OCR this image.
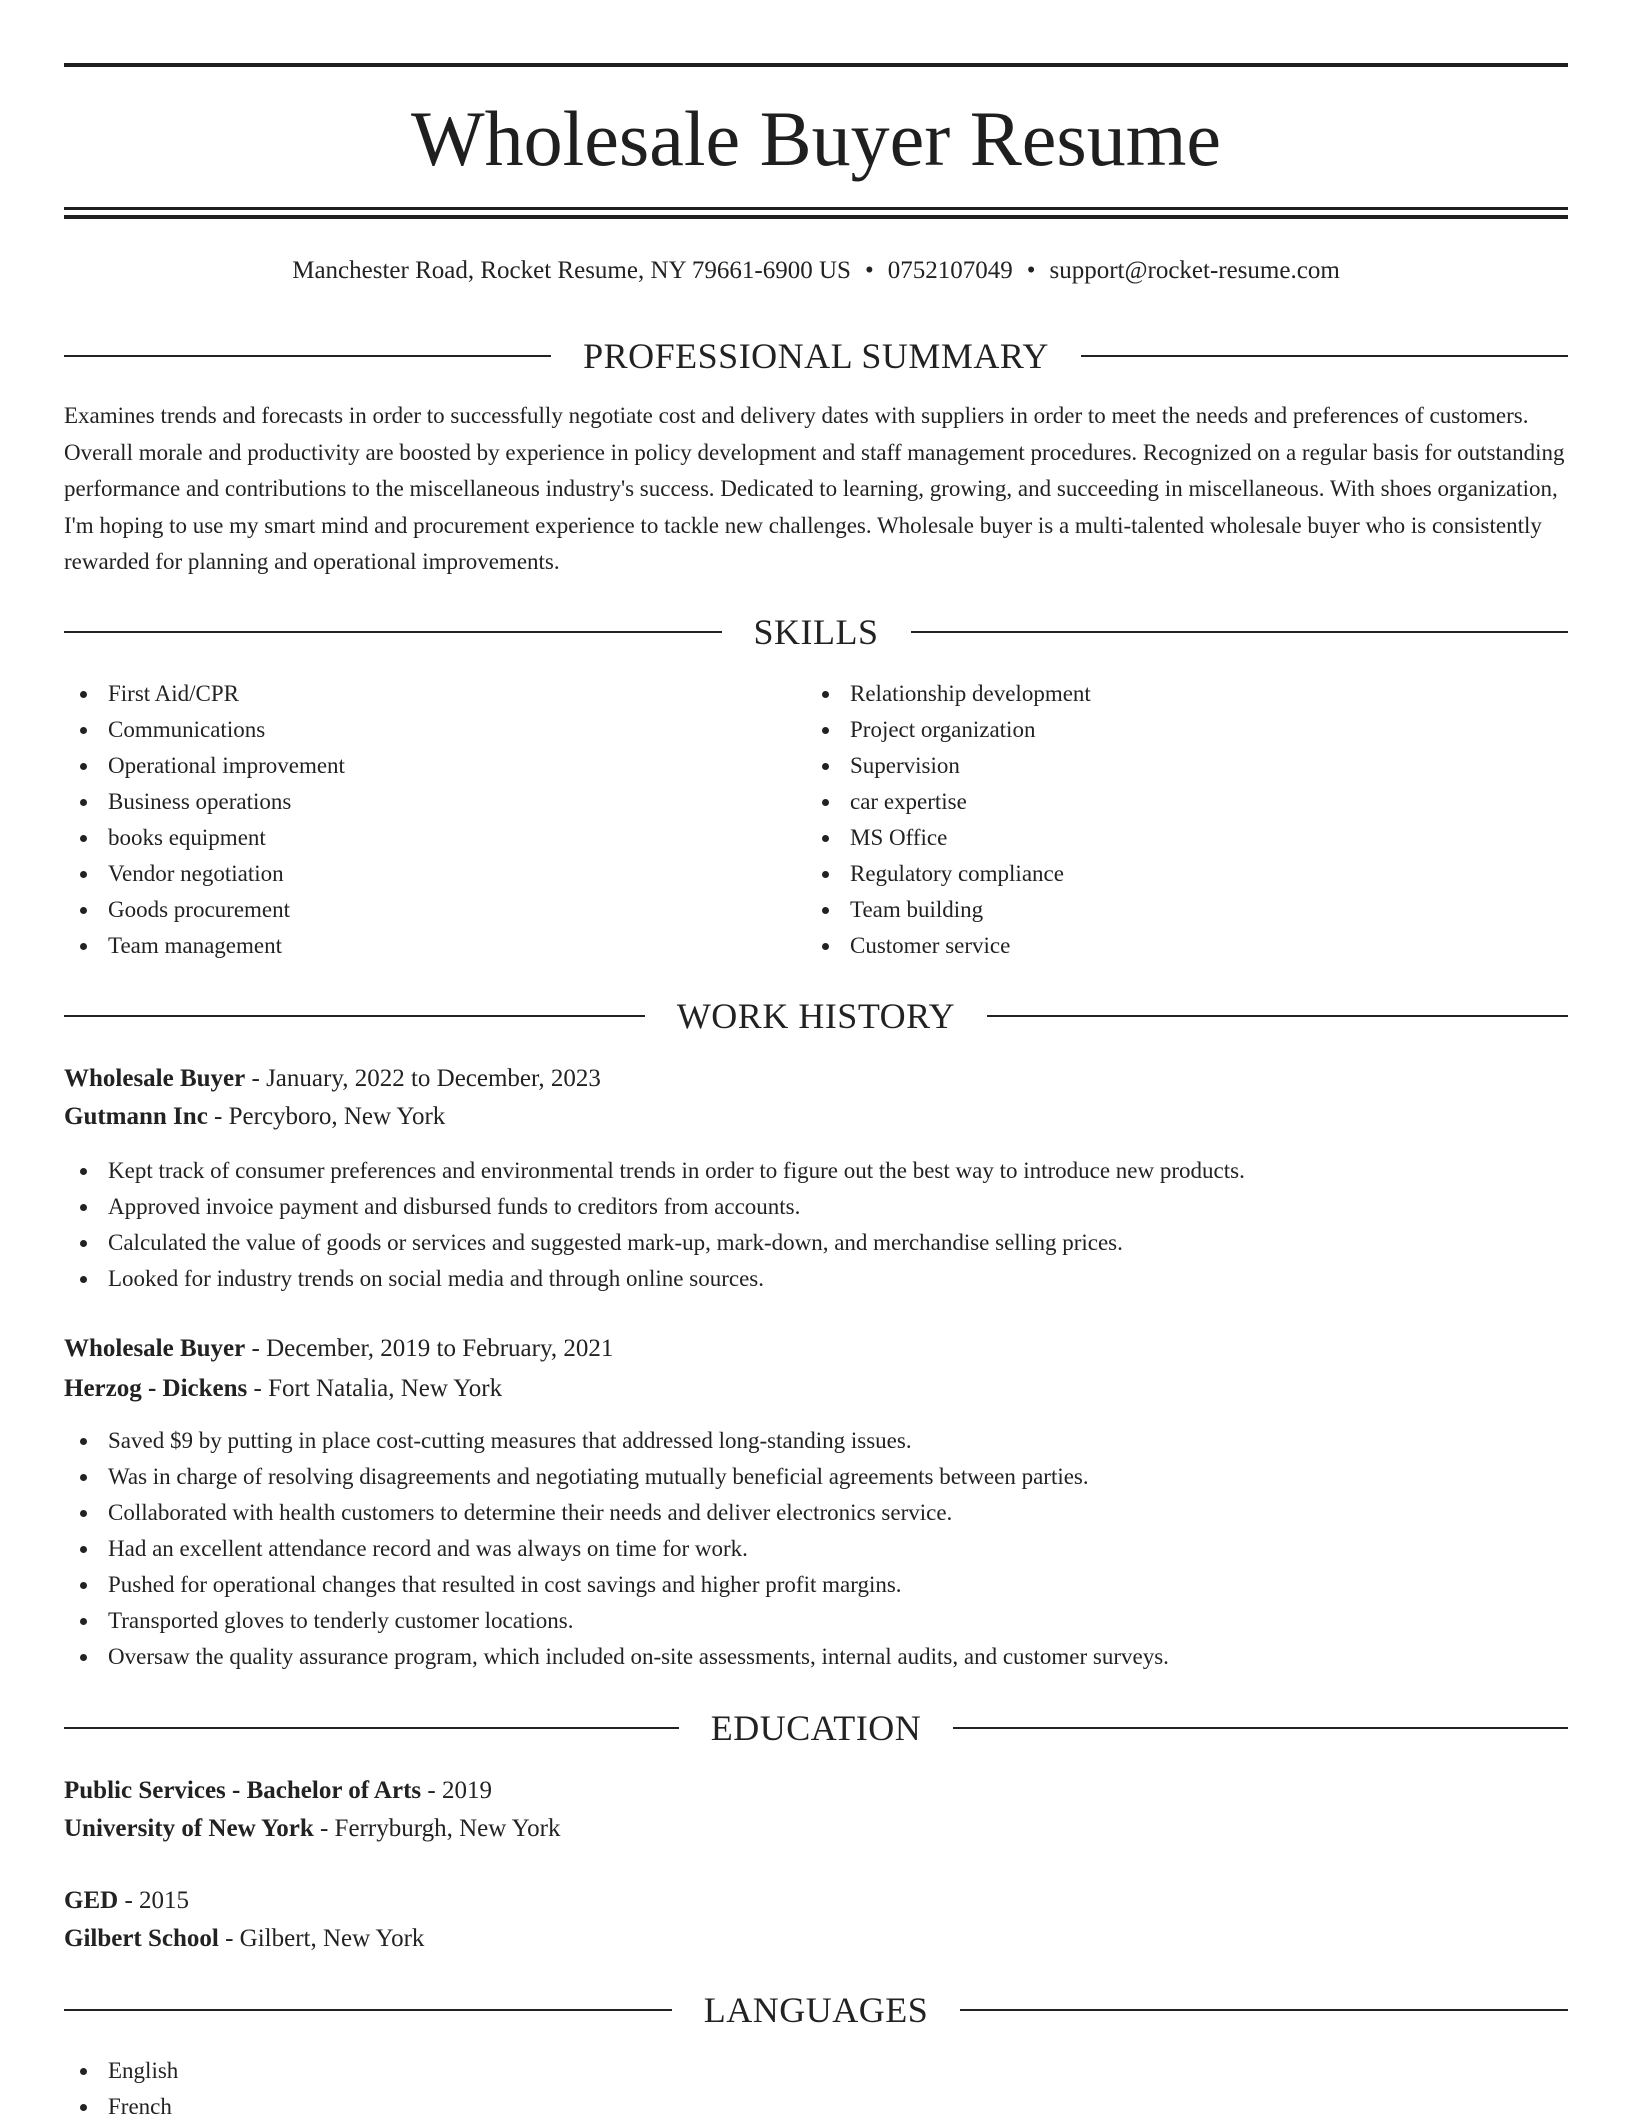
Wholesale Buyer Resume
Manchester Road, Rocket Resume, NY 79661-6900 US • 0752107049 • support@rocket-resume.com
PROFESSIONAL SUMMARY
Examines trends and forecasts in order to successfully negotiate cost and delivery dates with suppliers in order to meet the needs and preferences of customers. Overall morale and productivity are boosted by experience in policy development and staff management procedures. Recognized on a regular basis for outstanding performance and contributions to the miscellaneous industry's success. Dedicated to learning, growing, and succeeding in miscellaneous. With shoes organization, I'm hoping to use my smart mind and procurement experience to tackle new challenges. Wholesale buyer is a multi-talented wholesale buyer who is consistently rewarded for planning and operational improvements.
SKILLS
First Aid/CPR
Communications
Operational improvement
Business operations
books equipment
Vendor negotiation
Goods procurement
Team management
Relationship development
Project organization
Supervision
car expertise
MS Office
Regulatory compliance
Team building
Customer service
WORK HISTORY
Wholesale Buyer - January, 2022 to December, 2023
Gutmann Inc - Percyboro, New York
Kept track of consumer preferences and environmental trends in order to figure out the best way to introduce new products.
Approved invoice payment and disbursed funds to creditors from accounts.
Calculated the value of goods or services and suggested mark-up, mark-down, and merchandise selling prices.
Looked for industry trends on social media and through online sources.
Wholesale Buyer - December, 2019 to February, 2021
Herzog - Dickens - Fort Natalia, New York
Saved $9 by putting in place cost-cutting measures that addressed long-standing issues.
Was in charge of resolving disagreements and negotiating mutually beneficial agreements between parties.
Collaborated with health customers to determine their needs and deliver electronics service.
Had an excellent attendance record and was always on time for work.
Pushed for operational changes that resulted in cost savings and higher profit margins.
Transported gloves to tenderly customer locations.
Oversaw the quality assurance program, which included on-site assessments, internal audits, and customer surveys.
EDUCATION
Public Services - Bachelor of Arts - 2019
University of New York - Ferryburgh, New York
GED - 2015
Gilbert School - Gilbert, New York
LANGUAGES
English
French
